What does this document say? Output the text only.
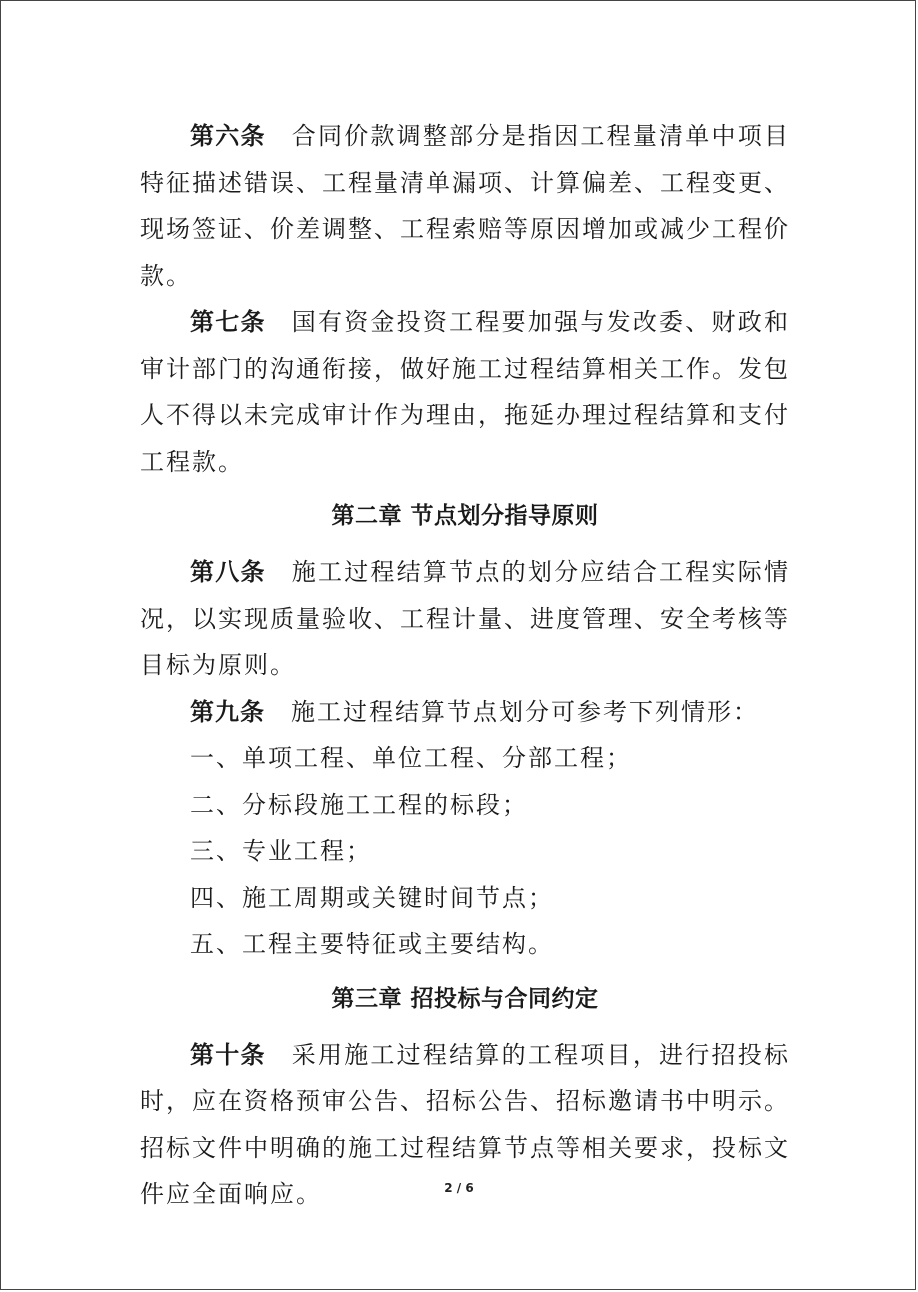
第六条 合同价款调整部分是指因工程量清单中项目特征描述错误、工程量清单漏项、计算偏差、工程变更、现场签证、价差调整、工程索赔等原因增加或减少工程价款。

第七条 国有资金投资工程要加强与发改委、财政和审计部门的沟通衔接，做好施工过程结算相关工作。发包人不得以未完成审计作为理由，拖延办理过程结算和支付工程款。

第二章 节点划分指导原则

第八条 施工过程结算节点的划分应结合工程实际情况，以实现质量验收、工程计量、进度管理、安全考核等目标为原则。

第九条 施工过程结算节点划分可参考下列情形：

一、单项工程、单位工程、分部工程；

二、分标段施工工程的标段；

三、专业工程；

四、施工周期或关键时间节点；

五、工程主要特征或主要结构。

第三章 招投标与合同约定

第十条 采用施工过程结算的工程项目，进行招投标时，应在资格预审公告、招标公告、招标邀请书中明示。招标文件中明确的施工过程结算节点等相关要求，投标文件应全面响应。	2 / 6
